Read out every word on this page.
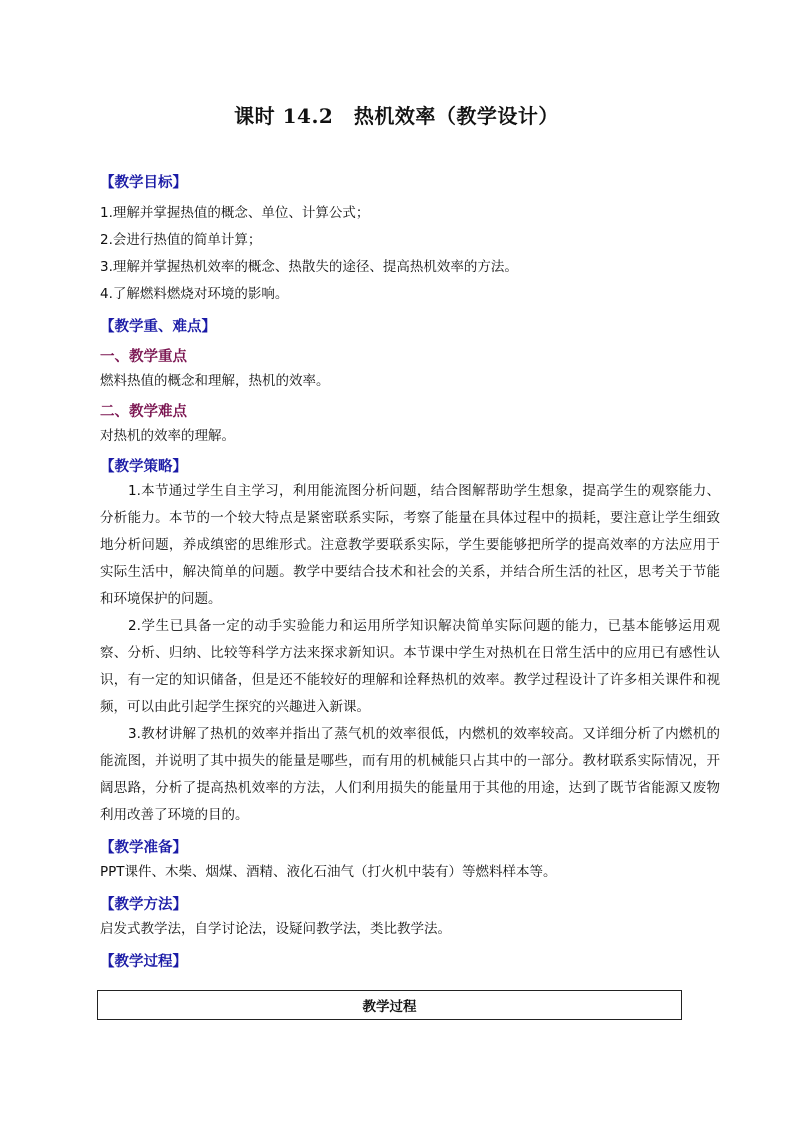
课时 14.2　热机效率（教学设计）
【教学目标】
1.理解并掌握热值的概念、单位、计算公式；
2.会进行热值的简单计算；
3.理解并掌握热机效率的概念、热散失的途径、提高热机效率的方法。
4.了解燃料燃烧对环境的影响。
【教学重、难点】
一、教学重点
燃料热值的概念和理解，热机的效率。
二、教学难点
对热机的效率的理解。
【教学策略】
1.本节通过学生自主学习，利用能流图分析问题，结合图解帮助学生想象，提高学生的观察能力、分析能力。本节的一个较大特点是紧密联系实际，考察了能量在具体过程中的损耗，要注意让学生细致地分析问题，养成缜密的思维形式。注意教学要联系实际，学生要能够把所学的提高效率的方法应用于实际生活中，解决简单的问题。教学中要结合技术和社会的关系，并结合所生活的社区，思考关于节能和环境保护的问题。
2.学生已具备一定的动手实验能力和运用所学知识解决简单实际问题的能力，已基本能够运用观察、分析、归纳、比较等科学方法来探求新知识。本节课中学生对热机在日常生活中的应用已有感性认识，有一定的知识储备，但是还不能较好的理解和诠释热机的效率。教学过程设计了许多相关课件和视频，可以由此引起学生探究的兴趣进入新课。
3.教材讲解了热机的效率并指出了蒸气机的效率很低，内燃机的效率较高。又详细分析了内燃机的能流图，并说明了其中损失的能量是哪些，而有用的机械能只占其中的一部分。教材联系实际情况，开阔思路，分析了提高热机效率的方法，人们利用损失的能量用于其他的用途，达到了既节省能源又废物利用改善了环境的目的。
【教学准备】
PPT课件、木柴、烟煤、酒精、液化石油气（打火机中装有）等燃料样本等。
【教学方法】
启发式教学法，自学讨论法，设疑问教学法，类比教学法。
【教学过程】
教学过程
